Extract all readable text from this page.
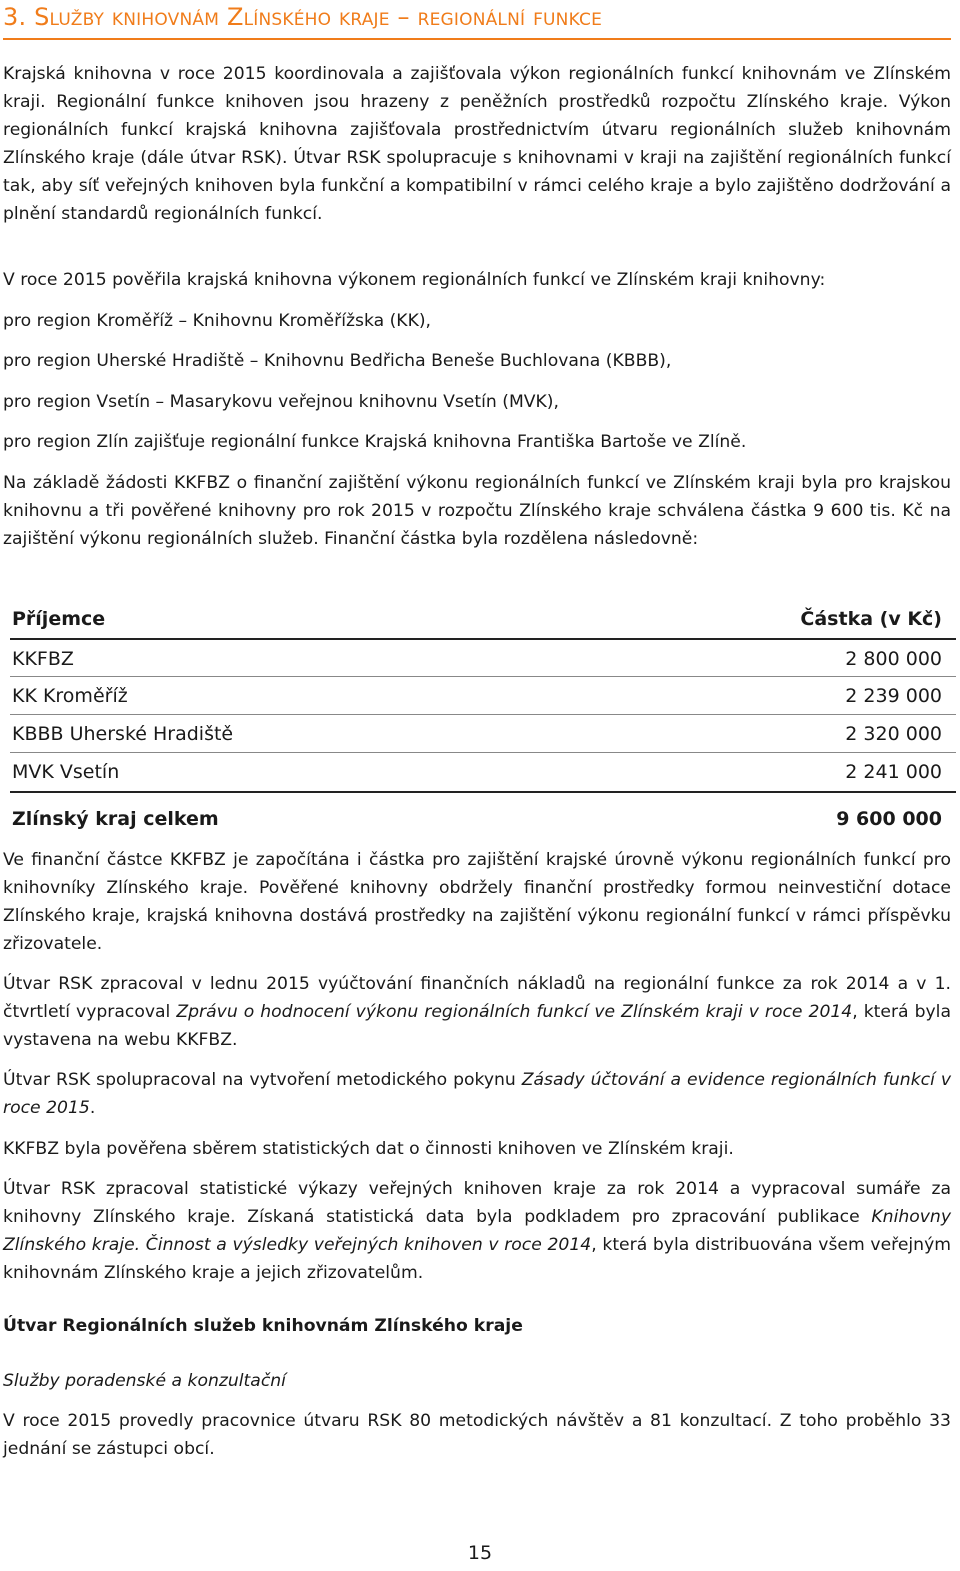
3. Služby knihovnám Zlínského kraje – regionální funkce

Krajská knihovna v roce 2015 koordinovala a zajišťovala výkon regionálních funkcí knihovnám ve Zlínském kraji. Regionální funkce knihoven jsou hrazeny z peněžních prostředků rozpočtu Zlínského kraje. Výkon regionálních funkcí krajská knihovna zajišťovala prostřednictvím útvaru regionálních služeb knihovnám Zlínského kraje (dále útvar RSK). Útvar RSK spolupracuje s knihovnami v kraji na zajištění regionálních funkcí tak, aby síť veřejných knihoven byla funkční a kompatibilní v rámci celého kraje a bylo zajištěno dodržování a plnění standardů regionálních funkcí.

V roce 2015 pověřila krajská knihovna výkonem regionálních funkcí ve Zlínském kraji knihovny:

pro region Kroměříž – Knihovnu Kroměřížska (KK),

pro region Uherské Hradiště – Knihovnu Bedřicha Beneše Buchlovana (KBBB),

pro region Vsetín – Masarykovu veřejnou knihovnu Vsetín (MVK),

pro region Zlín zajišťuje regionální funkce Krajská knihovna Františka Bartoše ve Zlíně.

Na základě žádosti KKFBZ o finanční zajištění výkonu regionálních funkcí ve Zlínském kraji byla pro krajskou knihovnu a tři pověřené knihovny pro rok 2015 v rozpočtu Zlínského kraje schválena částka 9 600 tis. Kč na zajištění výkonu regionálních služeb. Finanční částka byla rozdělena následovně:

Příjemce	Částka (v Kč)
KKFBZ	2 800 000
KK Kroměříž	2 239 000
KBBB Uherské Hradiště	2 320 000
MVK Vsetín	2 241 000
Zlínský kraj celkem	9 600 000

Ve finanční částce KKFBZ je započítána i částka pro zajištění krajské úrovně výkonu regionálních funkcí pro knihovníky Zlínského kraje. Pověřené knihovny obdržely finanční prostředky formou neinvestiční dotace Zlínského kraje, krajská knihovna dostává prostředky na zajištění výkonu regionální funkcí v rámci příspěvku zřizovatele.

Útvar RSK zpracoval v lednu 2015 vyúčtování finančních nákladů na regionální funkce za rok 2014 a v 1. čtvrtletí vypracoval Zprávu o hodnocení výkonu regionálních funkcí ve Zlínském kraji v roce 2014, která byla vystavena na webu KKFBZ.

Útvar RSK spolupracoval na vytvoření metodického pokynu Zásady účtování a evidence regionálních funkcí v roce 2015.

KKFBZ byla pověřena sběrem statistických dat o činnosti knihoven ve Zlínském kraji.

Útvar RSK zpracoval statistické výkazy veřejných knihoven kraje za rok 2014 a vypracoval sumáře za knihovny Zlínského kraje. Získaná statistická data byla podkladem pro zpracování publikace Knihovny Zlínského kraje. Činnost a výsledky veřejných knihoven v roce 2014, která byla distribuována všem veřejným knihovnám Zlínského kraje a jejich zřizovatelům.

Útvar Regionálních služeb knihovnám Zlínského kraje

Služby poradenské a konzultační

V roce 2015 provedly pracovnice útvaru RSK 80 metodických návštěv a 81 konzultací. Z toho proběhlo 33 jednání se zástupci obcí.

15
